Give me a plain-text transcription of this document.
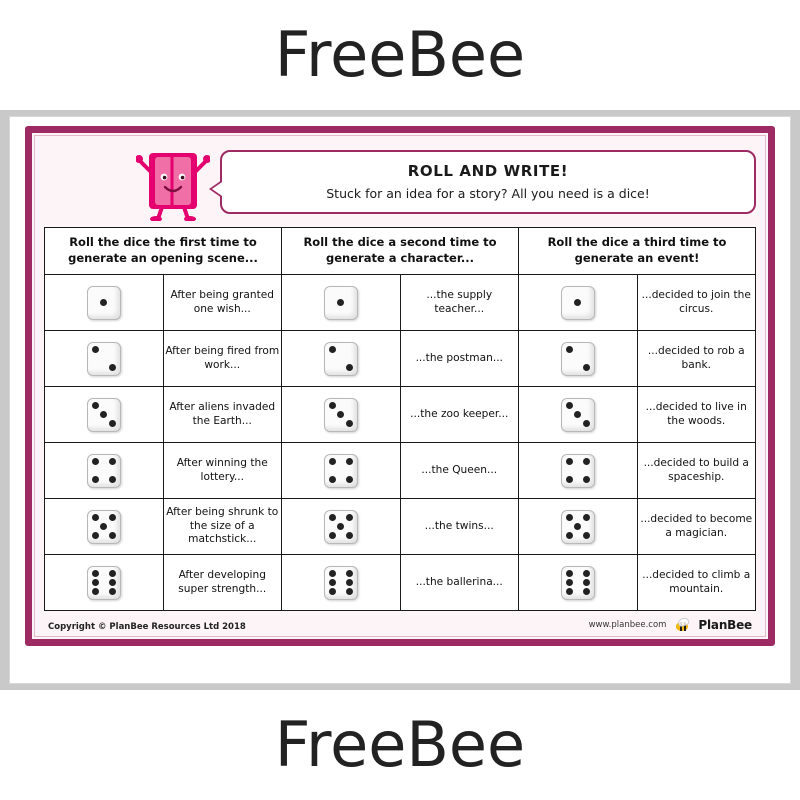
FreeBee
ROLL AND WRITE!
Stuck for an idea for a story? All you need is a dice!
Roll the dice the first time to
generate an opening scene...		Roll the dice a second time to
generate a character...		Roll the dice a third time to
generate an event!	

	After being granted one wish...		...the supply teacher...		...decided to join the circus.

	After being fired from work...		...the postman...		...decided to rob a bank.

	After aliens invaded the Earth...		...the zoo keeper...		...decided to live in the woods.

	After winning the lottery...		...the Queen...		...decided to build a spaceship.

	After being shrunk to the size of a matchstick...		...the twins...		...decided to become a magician.

	After developing super strength...		...the ballerina...		...decided to climb a mountain.
Copyright © PlanBee Resources Ltd 2018	www.planbee.com	PlanBee
FreeBee
